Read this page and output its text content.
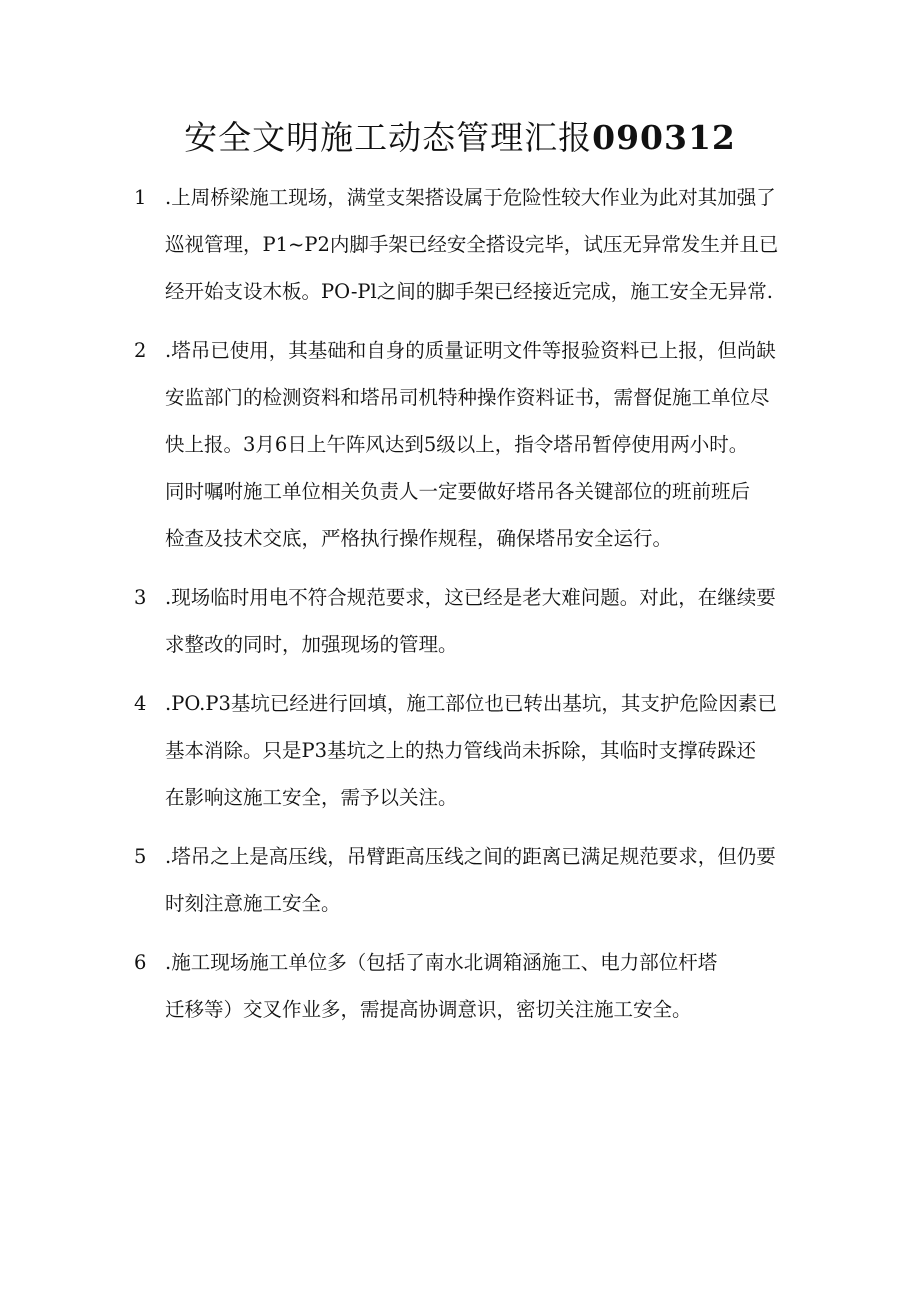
安全文明施工动态管理汇报090312
1 .上周桥梁施工现场，满堂支架搭设属于危险性较大作业为此对其加强了
巡视管理，P1~P2内脚手架已经安全搭设完毕，试压无异常发生并且已
经开始支设木板。PO-Pl之间的脚手架已经接近完成，施工安全无异常.
2 .塔吊已使用，其基础和自身的质量证明文件等报验资料已上报，但尚缺
安监部门的检测资料和塔吊司机特种操作资料证书，需督促施工单位尽
快上报。3月6日上午阵风达到5级以上，指令塔吊暂停使用两小时。
同时嘱咐施工单位相关负责人一定要做好塔吊各关键部位的班前班后
检查及技术交底，严格执行操作规程，确保塔吊安全运行。
3 .现场临时用电不符合规范要求，这已经是老大难问题。对此，在继续要
求整改的同时，加强现场的管理。
4 .PO.P3基坑已经进行回填，施工部位也已转出基坑，其支护危险因素已
基本消除。只是P3基坑之上的热力管线尚未拆除，其临时支撑砖跺还
在影响这施工安全，需予以关注。
5 .塔吊之上是高压线，吊臂距高压线之间的距离已满足规范要求，但仍要
时刻注意施工安全。
6 .施工现场施工单位多（包括了南水北调箱涵施工、电力部位杆塔
迁移等）交叉作业多，需提高协调意识，密切关注施工安全。
